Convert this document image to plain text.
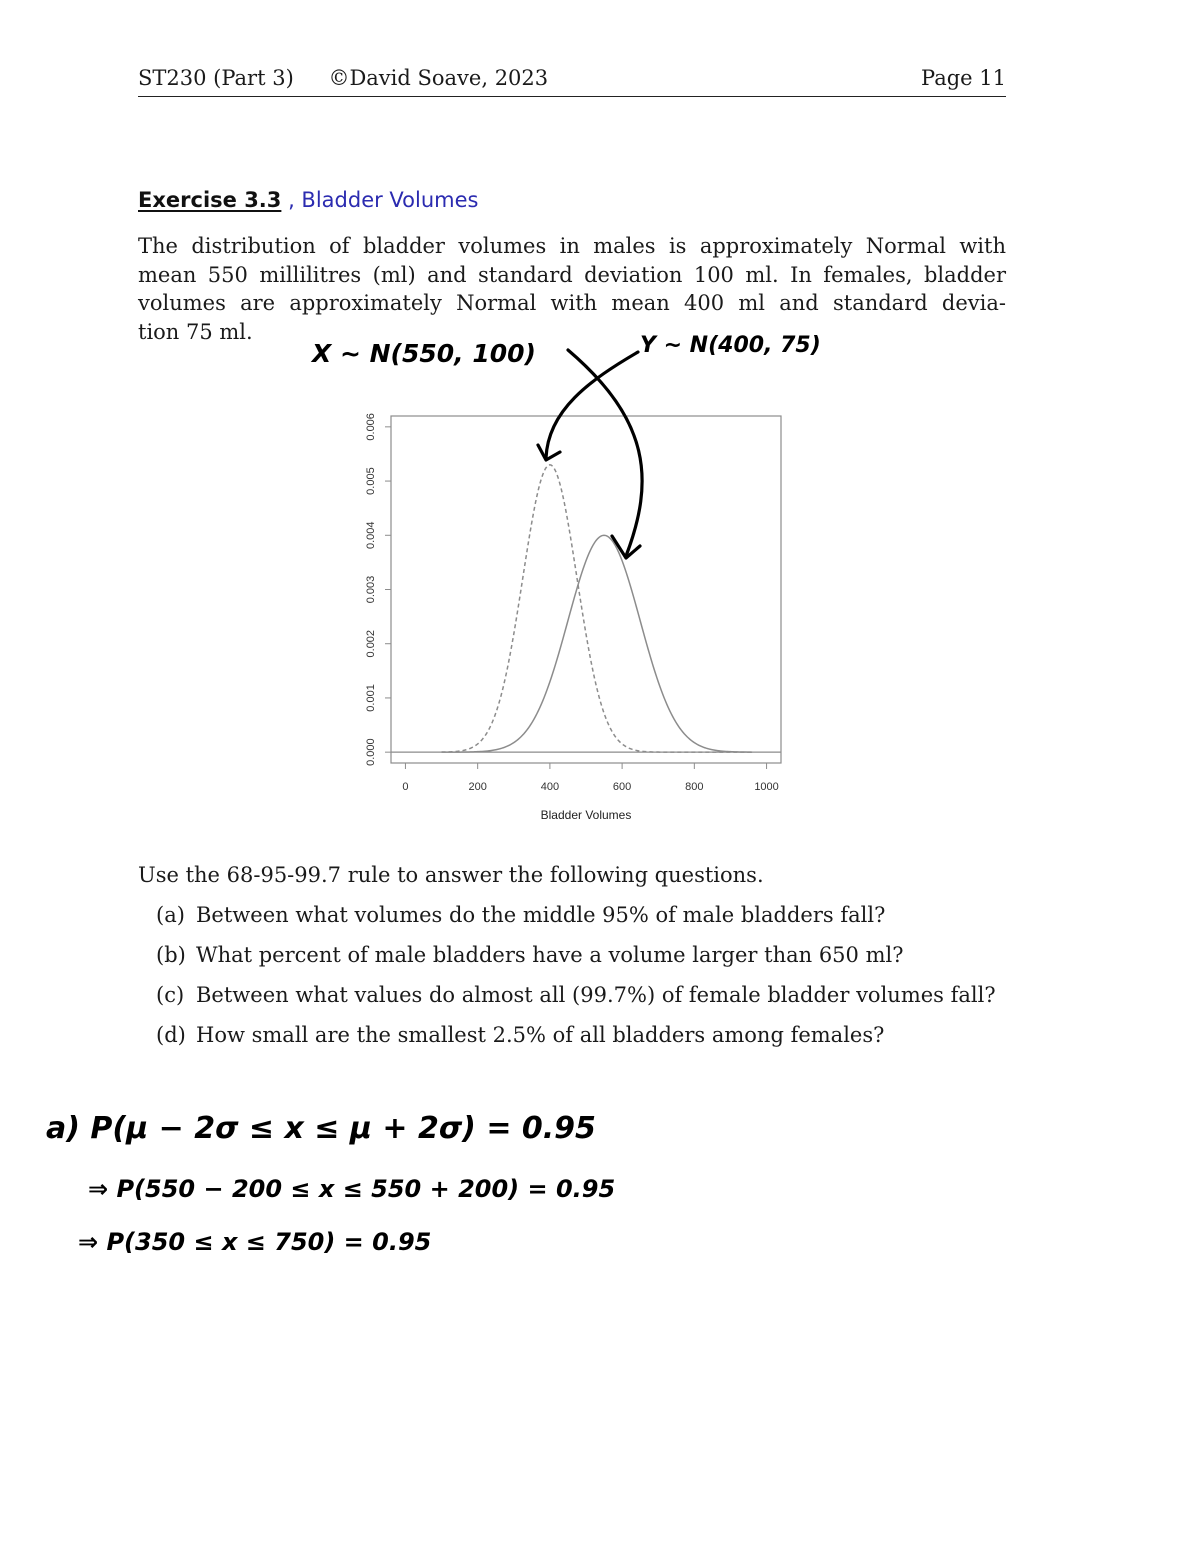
ST230 (Part 3) ©David Soave, 2023	Page 11
Exercise 3.3 , Bladder Volumes
The distribution of bladder volumes in males is approximately Normal with
mean 550 millilitres (ml) and standard deviation 100 ml. In females, bladder
volumes are approximately Normal with mean 400 ml and standard devia-
tion 75 ml.
0.000
0.001
0.002
0.003
0.004
0.005
0.006
0	200	400	600	800	1000
Bladder Volumes
X ~ N(550, 100)	Y ~ N(400, 75)
a) P(μ − 2σ ≤ x ≤ μ + 2σ) = 0.95
⇒ P(550 − 200 ≤ x ≤ 550 + 200) = 0.95
⇒ P(350 ≤ x ≤ 750) = 0.95
Use the 68-95-99.7 rule to answer the following questions.
(a) Between what volumes do the middle 95% of male bladders fall?
(b) What percent of male bladders have a volume larger than 650 ml?
(c) Between what values do almost all (99.7%) of female bladder volumes fall?
(d) How small are the smallest 2.5% of all bladders among females?
